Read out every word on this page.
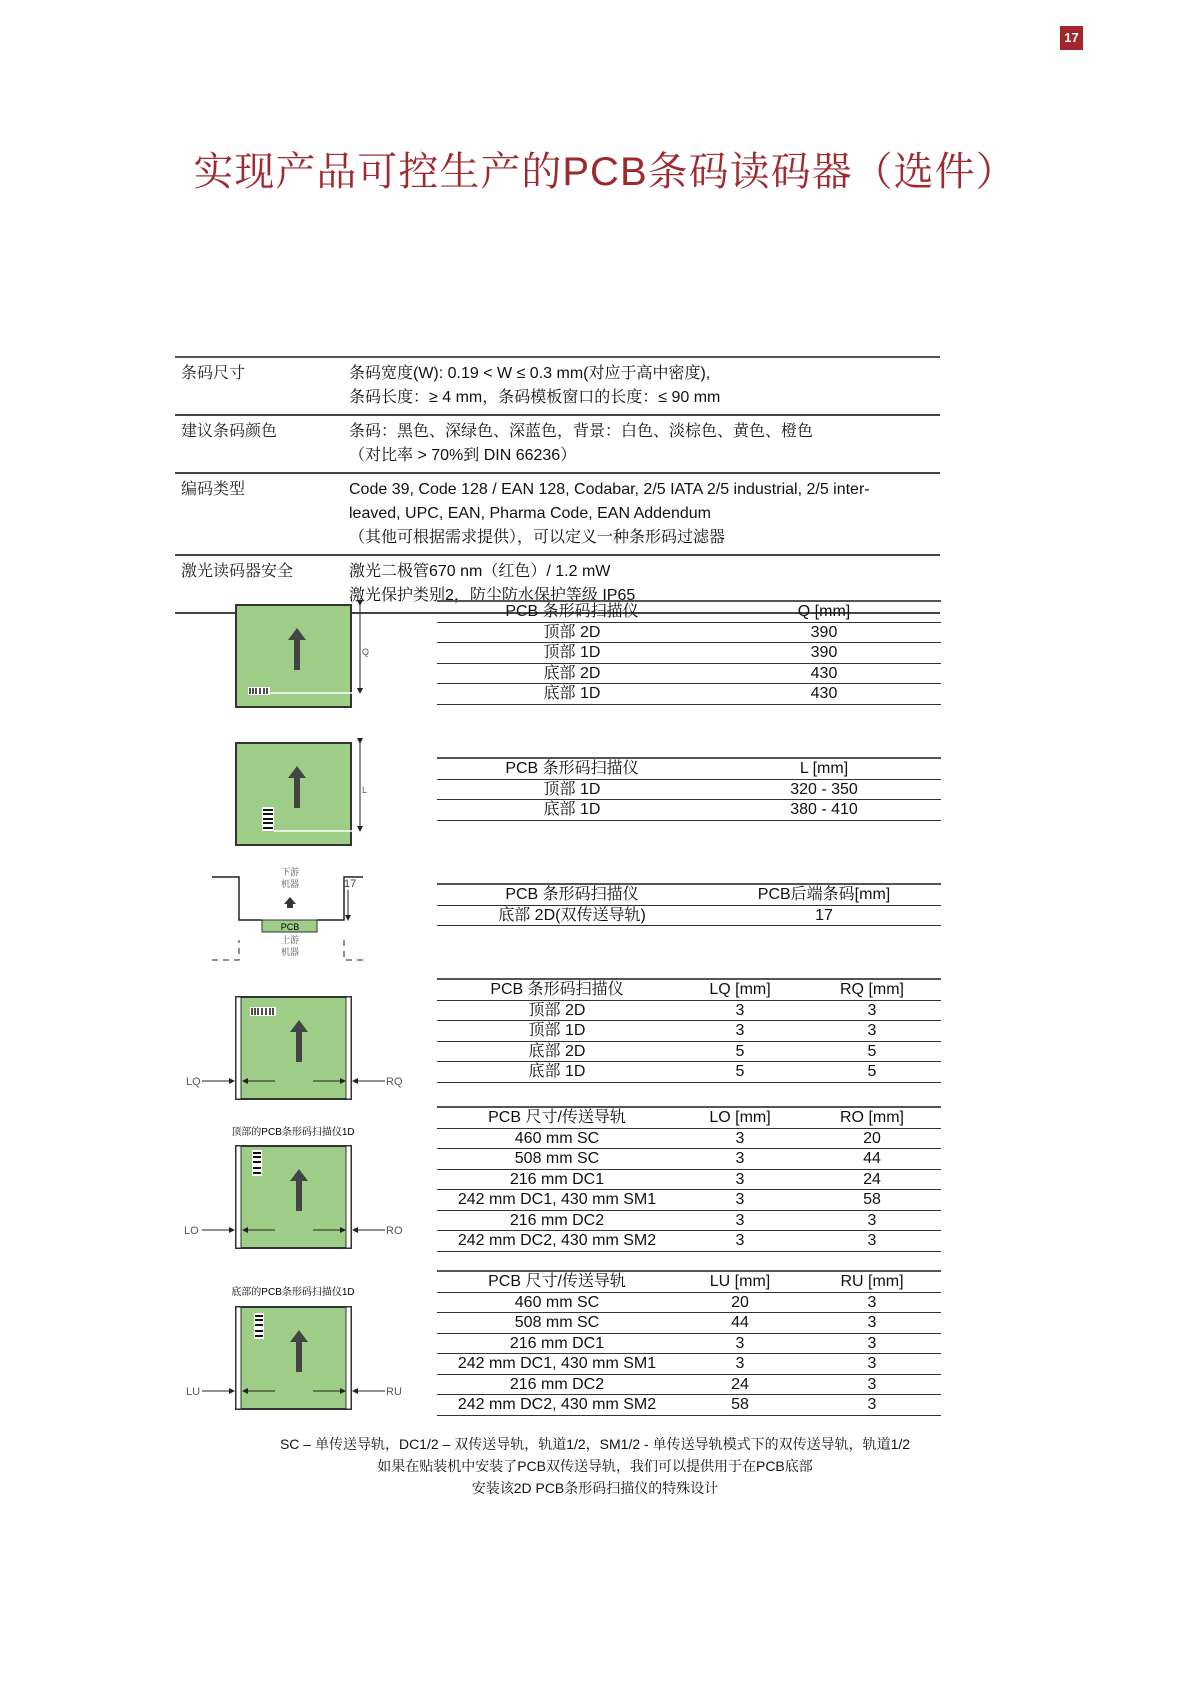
17
实现产品可控生产的PCB条码读码器（选件）
条码尺寸	条码宽度(W): 0.19 < W ≤ 0.3 mm(对应于高中密度),
条码长度：≥ 4 mm，条码模板窗口的长度：≤ 90 mm
建议条码颜色	条码：黑色、深绿色、深蓝色，背景：白色、淡棕色、黄色、橙色
（对比率 > 70%到 DIN 66236）
编码类型	Code 39, Code 128 / EAN 128, Codabar, 2/5 IATA 2/5 industrial, 2/5 inter-
leaved, UPC, EAN, Pharma Code, EAN Addendum
（其他可根据需求提供），可以定义一种条形码过滤器
激光读码器安全	激光二极管670 nm（红色）/ 1.2 mW
激光保护类别2，防尘防水保护等级 IP65
PCB 条形码扫描仪	Q [mm]
顶部 2D	390
顶部 1D	390
底部 2D	430
底部 1D	430
PCB 条形码扫描仪	L [mm]
顶部 1D	320 - 350
底部 1D	380 - 410
PCB 条形码扫描仪	PCB后端条码[mm]
底部 2D(双传送导轨)	17
PCB 条形码扫描仪	LQ [mm]	RQ [mm]
顶部 2D	3	3
顶部 1D	3	3
底部 2D	5	5
底部 1D	5	5
PCB 尺寸/传送导轨	LO [mm]	RO [mm]
460 mm SC	3	20
508 mm SC	3	44
216 mm DC1	3	24
242 mm DC1, 430 mm SM1	3	58
216 mm DC2	3	3
242 mm DC2, 430 mm SM2	3	3
PCB 尺寸/传送导轨	LU [mm]	RU [mm]
460 mm SC	20	3
508 mm SC	44	3
216 mm DC1	3	3
242 mm DC1, 430 mm SM1	3	3
216 mm DC2	24	3
242 mm DC2, 430 mm SM2	58	3
Q
L
PCB
下游
机器
上游
机器
17
LQ	RQ
顶部的PCB条形码扫描仪1D
LO	RO
底部的PCB条形码扫描仪1D
LU	RU
SC – 单传送导轨，DC1/2 – 双传送导轨，轨道1/2，SM1/2 - 单传送导轨模式下的双传送导轨，轨道1/2
如果在贴装机中安装了PCB双传送导轨，我们可以提供用于在PCB底部
安装该2D PCB条形码扫描仪的特殊设计
